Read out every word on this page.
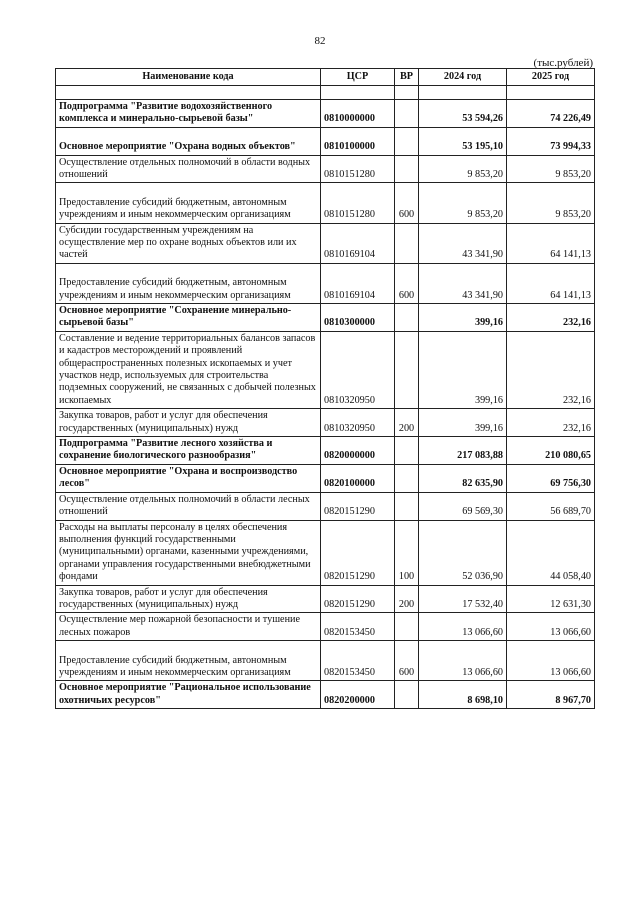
82
(тыс.рублей)
Наименование кода	ЦСР	ВР	2024 год	2025 год

Подпрограмма "Развитие водохозяйственного комплекса и минерально-сырьевой базы"	0810000000		53 594,26	74 226,49
Основное мероприятие "Охрана водных объектов"	0810100000		53 195,10	73 994,33
Осуществление отдельных полномочий в области водных отношений	0810151280		9 853,20	9 853,20
Предоставление субсидий бюджетным, автономным учреждениям и иным некоммерческим организациям	0810151280	600	9 853,20	9 853,20
Субсидии государственным учреждениям на осуществление мер по охране водных объектов или их частей	0810169104		43 341,90	64 141,13
Предоставление субсидий бюджетным, автономным учреждениям и иным некоммерческим организациям	0810169104	600	43 341,90	64 141,13
Основное мероприятие "Сохранение минерально-сырьевой базы"	0810300000		399,16	232,16
Составление и ведение территориальных балансов запасов и кадастров месторождений и проявлений общераспространенных полезных ископаемых и учет участков недр, используемых для строительства подземных сооружений, не связанных с добычей полезных ископаемых	0810320950		399,16	232,16
Закупка товаров, работ и услуг для обеспечения государственных (муниципальных) нужд	0810320950	200	399,16	232,16
Подпрограмма "Развитие лесного хозяйства и сохранение биологического разнообразия"	0820000000		217 083,88	210 080,65
Основное мероприятие "Охрана и воспроизводство лесов"	0820100000		82 635,90	69 756,30
Осуществление отдельных полномочий в области лесных отношений	0820151290		69 569,30	56 689,70
Расходы на выплаты персоналу в целях обеспечения выполнения функций государственными (муниципальными) органами, казенными учреждениями, органами управления государственными внебюджетными фондами	0820151290	100	52 036,90	44 058,40
Закупка товаров, работ и услуг для обеспечения государственных (муниципальных) нужд	0820151290	200	17 532,40	12 631,30
Осуществление мер пожарной безопасности и тушение лесных пожаров	0820153450		13 066,60	13 066,60
Предоставление субсидий бюджетным, автономным учреждениям и иным некоммерческим организациям	0820153450	600	13 066,60	13 066,60
Основное мероприятие "Рациональное использование охотничьих ресурсов"	0820200000		8 698,10	8 967,70
